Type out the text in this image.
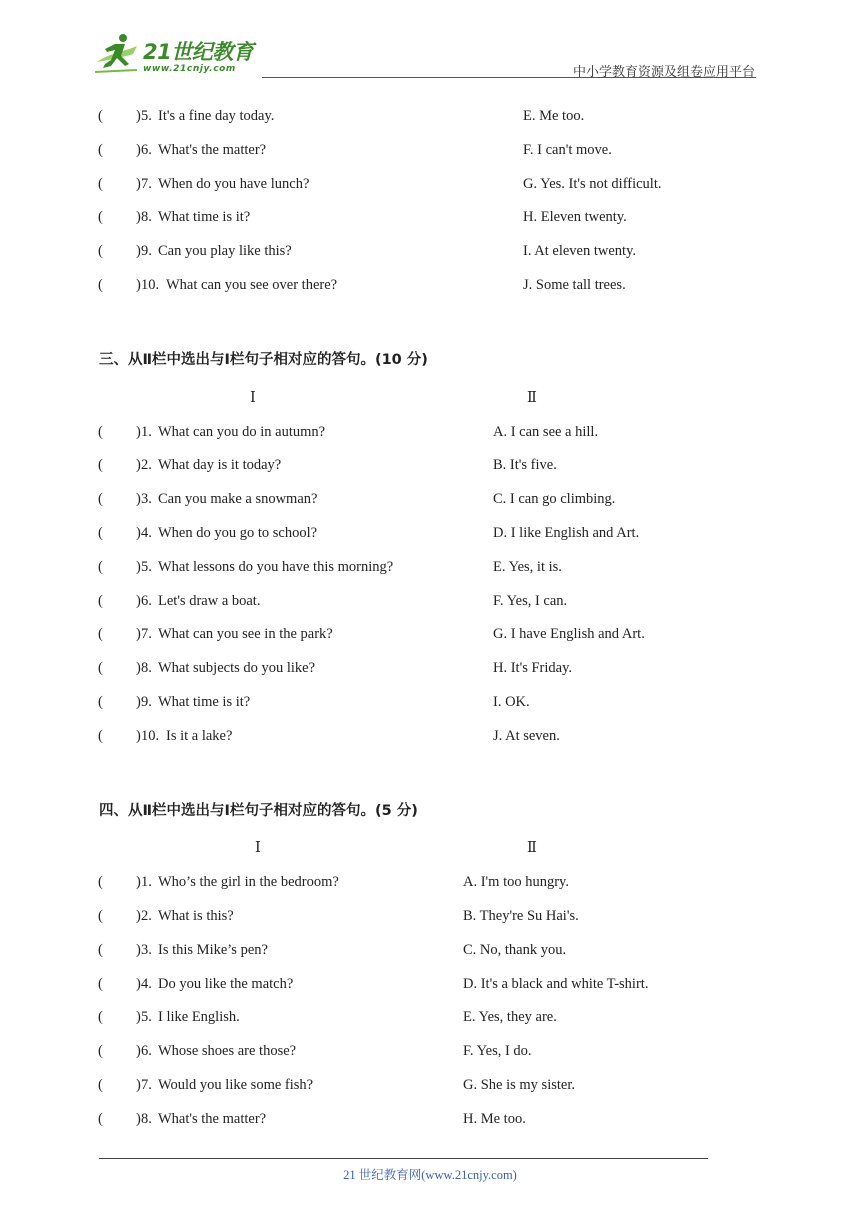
21世纪教育
www.21cnjy.com	中小学教育资源及组卷应用平台
( ) 5. It's a fine day today.	E. Me too.
( ) 6. What's the matter?	F. I can't move.
( ) 7. When do you have lunch?	G. Yes. It's not difficult.
( ) 8. What time is it?	H. Eleven twenty.
( ) 9. Can you play like this?	I. At eleven twenty.
( ) 10. What can you see over there?	J. Some tall trees.
三、从Ⅱ栏中选出与Ⅰ栏句子相对应的答句。(10 分)
Ⅰ	Ⅱ
( ) 1. What can you do in autumn?	A. I can see a hill.
( ) 2. What day is it today?	B. It's five.
( ) 3. Can you make a snowman?	C. I can go climbing.
( ) 4. When do you go to school?	D. I like English and Art.
( ) 5. What lessons do you have this morning?	E. Yes, it is.
( ) 6. Let's draw a boat.	F. Yes, I can.
( ) 7. What can you see in the park?	G. I have English and Art.
( ) 8. What subjects do you like?	H. It's Friday.
( ) 9. What time is it?	I. OK.
( ) 10. Is it a lake?	J. At seven.
四、从Ⅱ栏中选出与Ⅰ栏句子相对应的答句。(5 分)
Ⅰ	Ⅱ
( ) 1. Who’s the girl in the bedroom?	A. I'm too hungry.
( ) 2. What is this?	B. They're Su Hai's.
( ) 3. Is this Mike’s pen?	C. No, thank you.
( ) 4. Do you like the match?	D. It's a black and white T-shirt.
( ) 5. I like English.	E. Yes, they are.
( ) 6. Whose shoes are those?	F. Yes, I do.
( ) 7. Would you like some fish?	G. She is my sister.
( ) 8. What's the matter?	H. Me too.
21 世纪教育网(www.21cnjy.com)
